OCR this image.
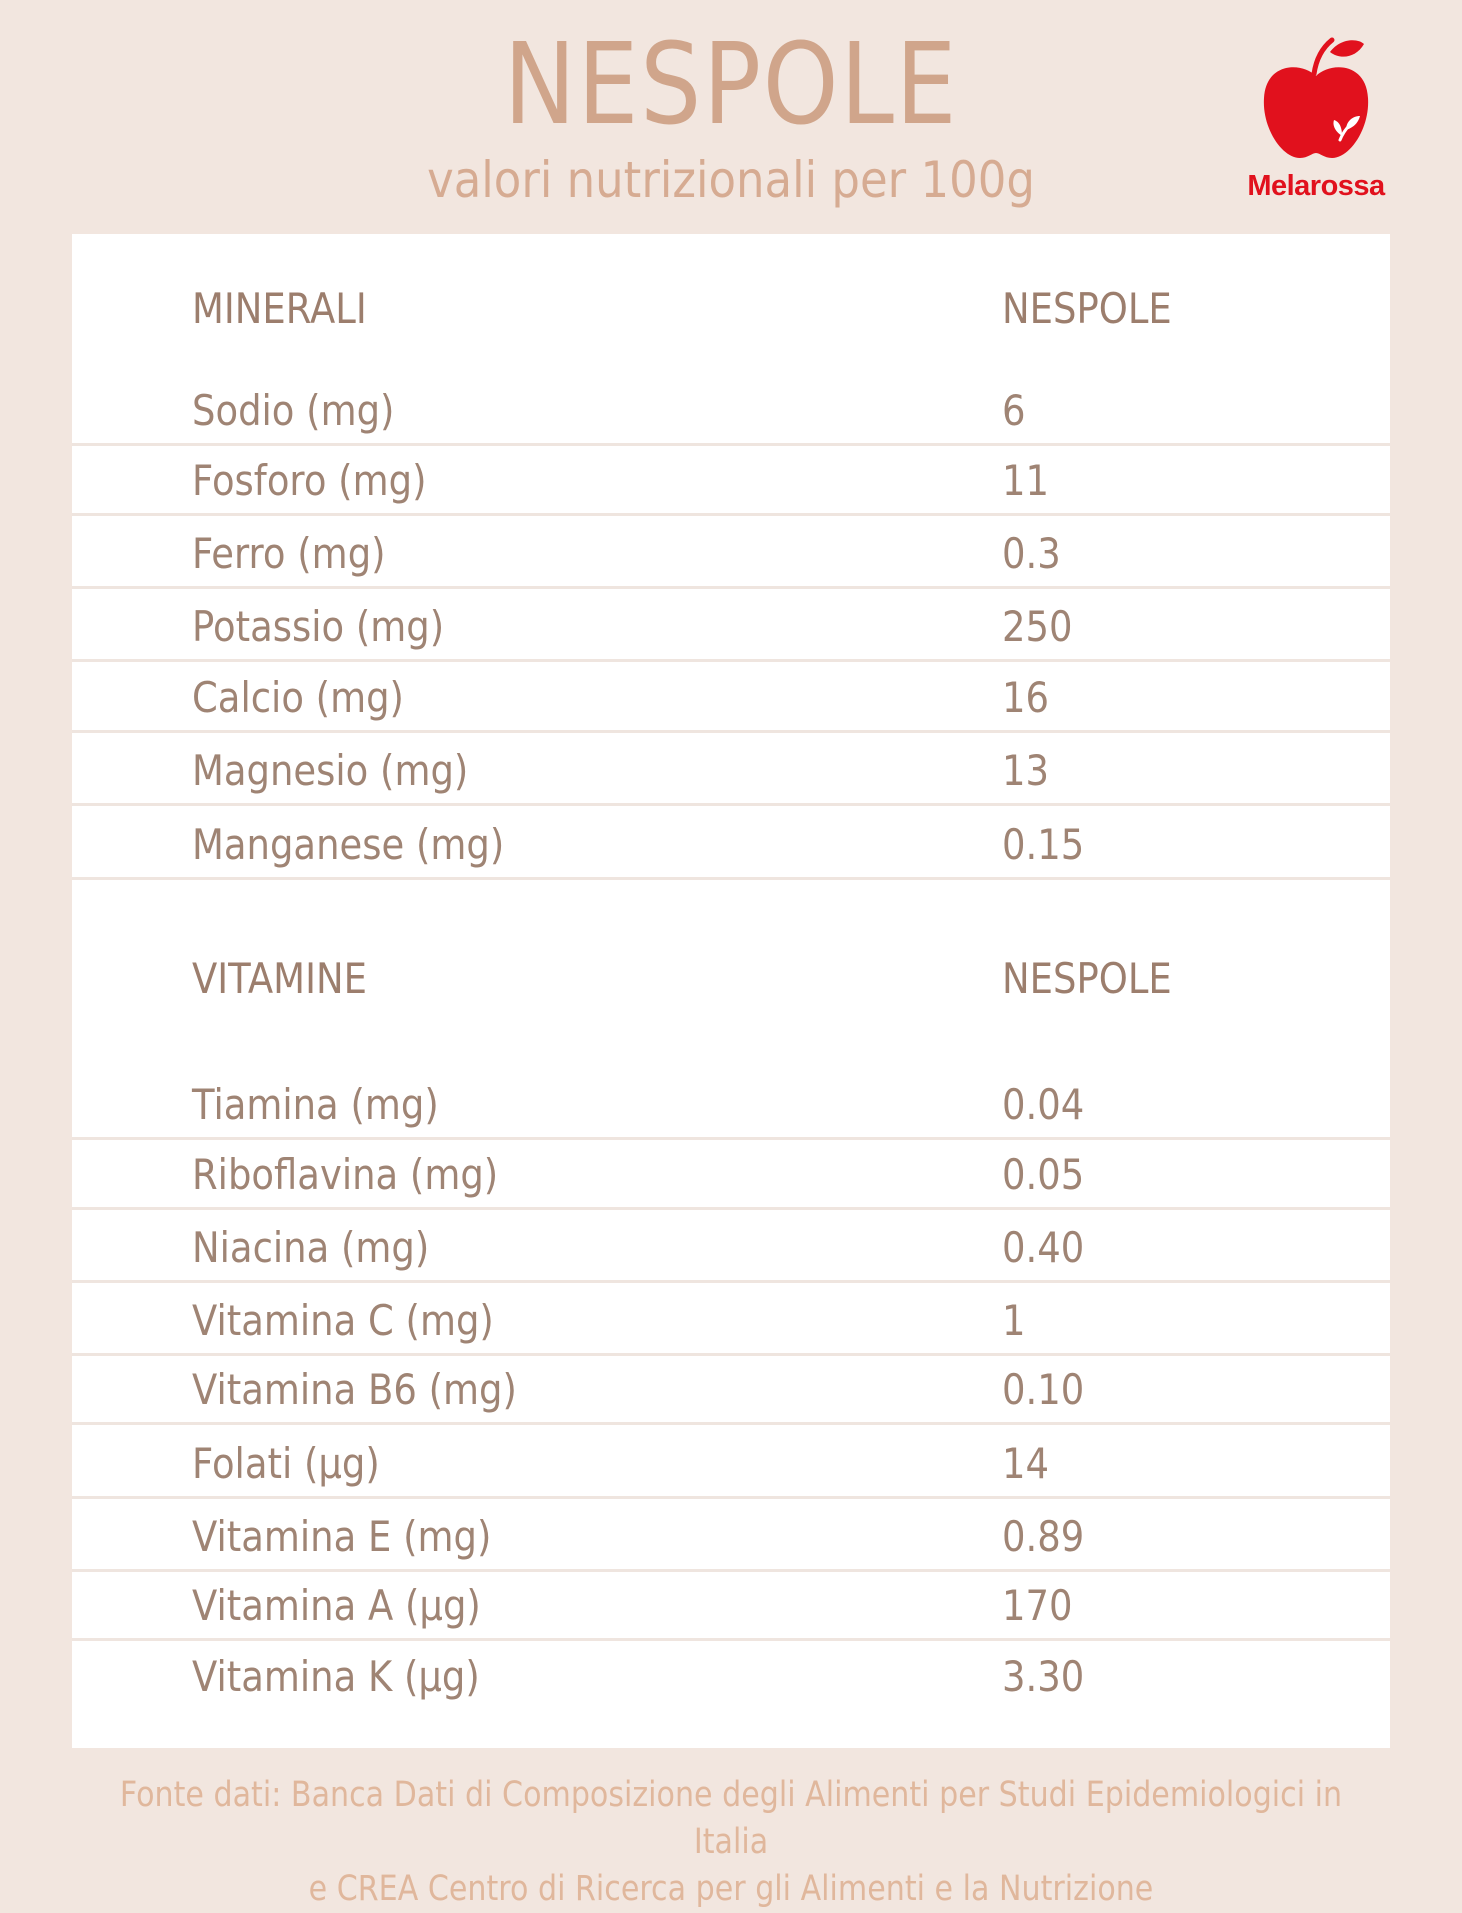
NESPOLE
valori nutrizionali per 100g	Melarossa
MINERALI	NESPOLE
Sodio (mg)	6
Fosforo (mg)	11
Ferro (mg)	0.3
Potassio (mg)	250
Calcio (mg)	16
Magnesio (mg)	13
Manganese (mg)	0.15
VITAMINE	NESPOLE
Tiamina (mg)	0.04
Riboflavina (mg)	0.05
Niacina (mg)	0.40
Vitamina C (mg)	1
Vitamina B6 (mg)	0.10
Folati (μg)	14
Vitamina E (mg)	0.89
Vitamina A (μg)	170
Vitamina K (μg)	3.30
Fonte dati: Banca Dati di Composizione degli Alimenti per Studi Epidemiologici in Italia
e CREA Centro di Ricerca per gli Alimenti e la Nutrizione
